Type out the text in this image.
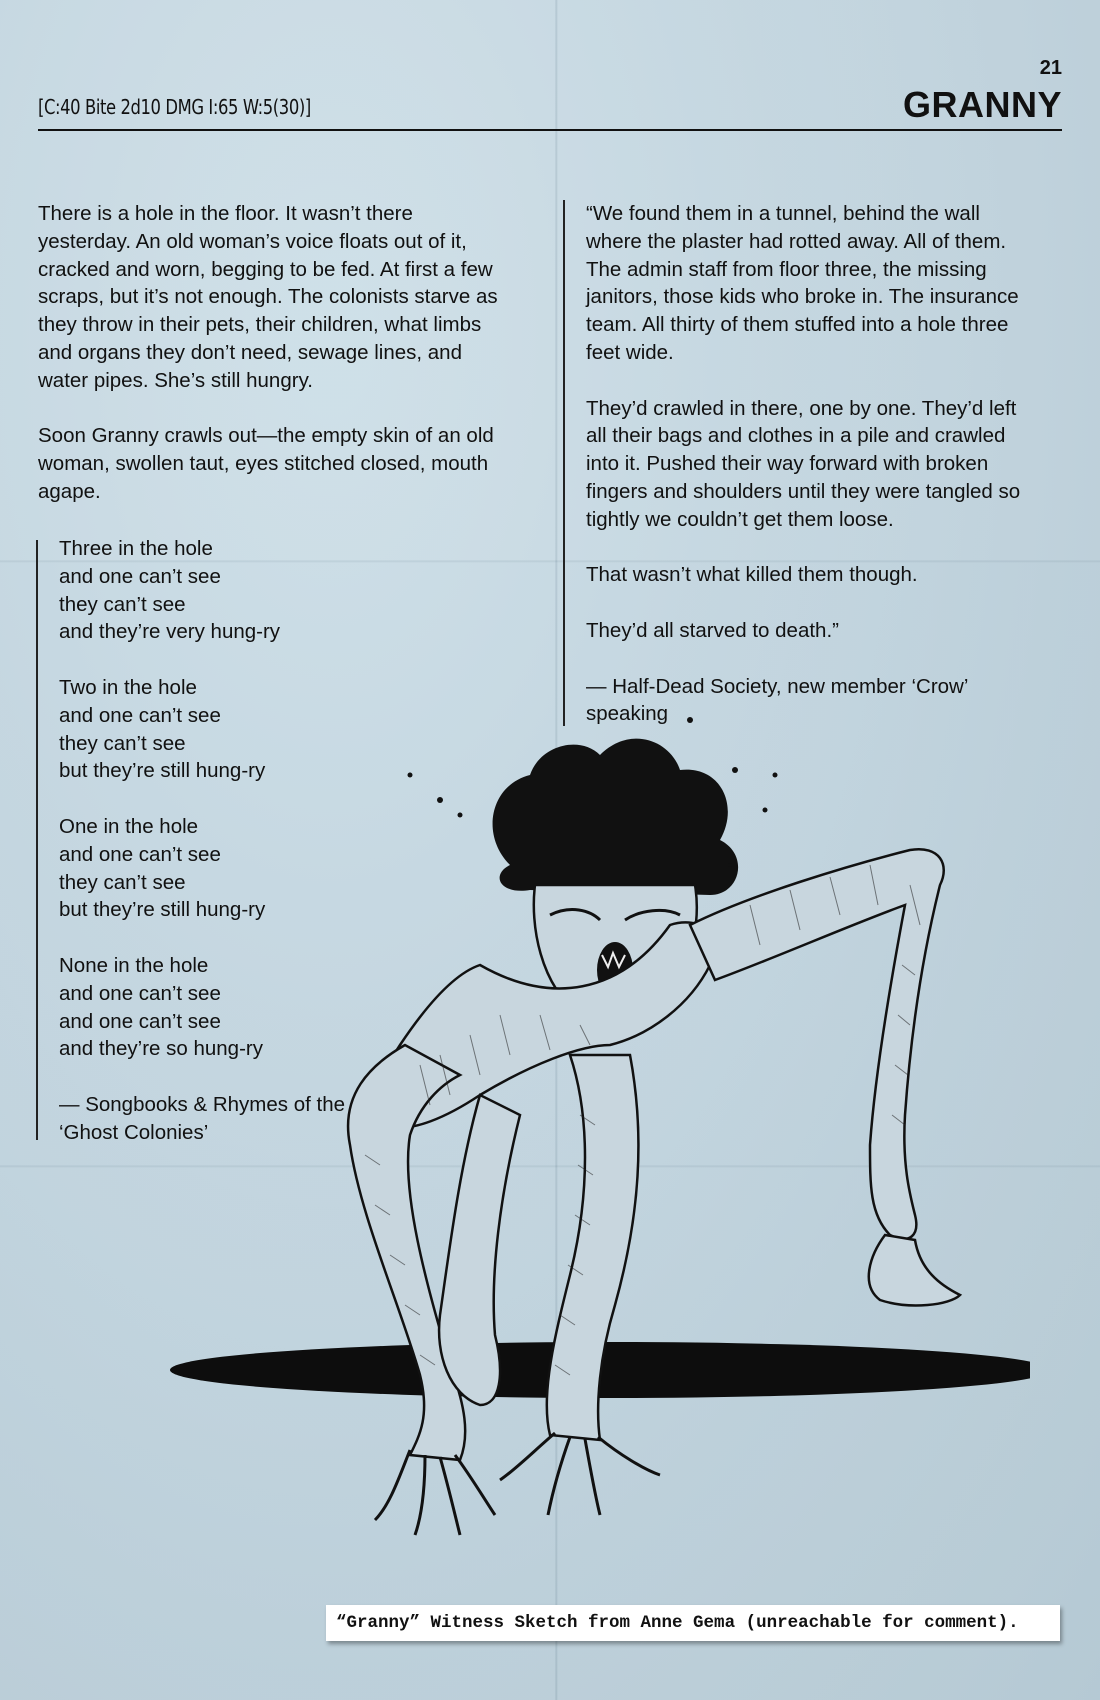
21
[C:40 Bite 2d10 DMG I:65 W:5(30)]	GRANNY

There is a hole in the floor. It wasn’t there
yesterday. An old woman’s voice floats out of it,
cracked and worn, begging to be fed. At first a few
scraps, but it’s not enough. The colonists starve as
they throw in their pets, their children, what limbs
and organs they don’t need, sewage lines, and
water pipes. She’s still hungry.

Soon Granny crawls out—the empty skin of an old
woman, swollen taut, eyes stitched closed, mouth
agape.

Three in the hole
and one can’t see
they can’t see
and they’re very hung-ry

Two in the hole
and one can’t see
they can’t see
but they’re still hung-ry

One in the hole
and one can’t see
they can’t see
but they’re still hung-ry

None in the hole
and one can’t see
and one can’t see
and they’re so hung-ry

— Songbooks & Rhymes of the
‘Ghost Colonies’

“We found them in a tunnel, behind the wall
where the plaster had rotted away. All of them.
The admin staff from floor three, the missing
janitors, those kids who broke in. The insurance
team. All thirty of them stuffed into a hole three
feet wide.

They’d crawled in there, one by one. They’d left
all their bags and clothes in a pile and crawled
into it. Pushed their way forward with broken
fingers and shoulders until they were tangled so
tightly we couldn’t get them loose.

That wasn’t what killed them though.

They’d all starved to death.”

— Half-Dead Society, new member ‘Crow’
speaking

“Granny” Witness Sketch from Anne Gema (unreachable for comment).
